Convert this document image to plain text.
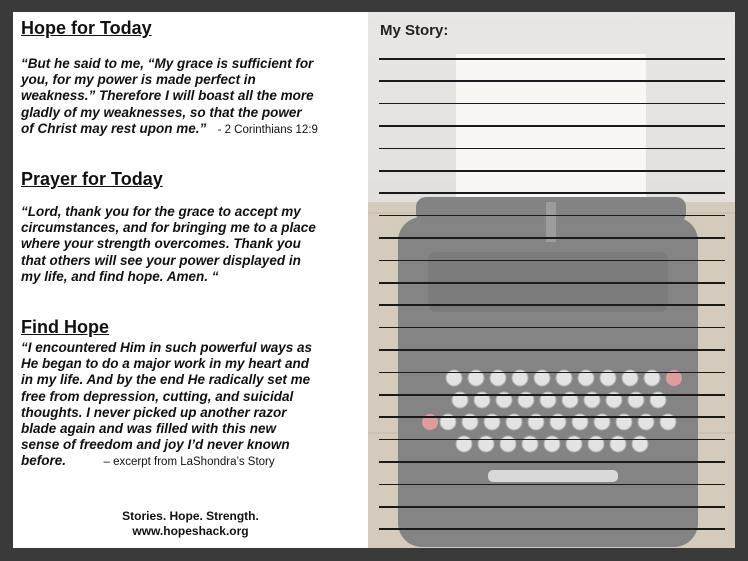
Hope for Today
“But he said to me, “My grace is sufficient for
you, for my power is made perfect in
weakness.” Therefore I will boast all the more
gladly of my weaknesses, so that the power
of Christ may rest upon me.” - 2 Corinthians 12:9
Prayer for Today
“Lord, thank you for the grace to accept my
circumstances, and for bringing me to a place
where your strength overcomes. Thank you
that others will see your power displayed in
my life, and find hope. Amen. “
Find Hope
“I encountered Him in such powerful ways as
He began to do a major work in my heart and
in my life. And by the end He radically set me
free from depression, cutting, and suicidal
thoughts. I never picked up another razor
blade again and was filled with this new
sense of freedom and joy I’d never known
before.	– excerpt from LaShondra’s Story
Stories. Hope. Strength.
www.hopeshack.org
My Story:
